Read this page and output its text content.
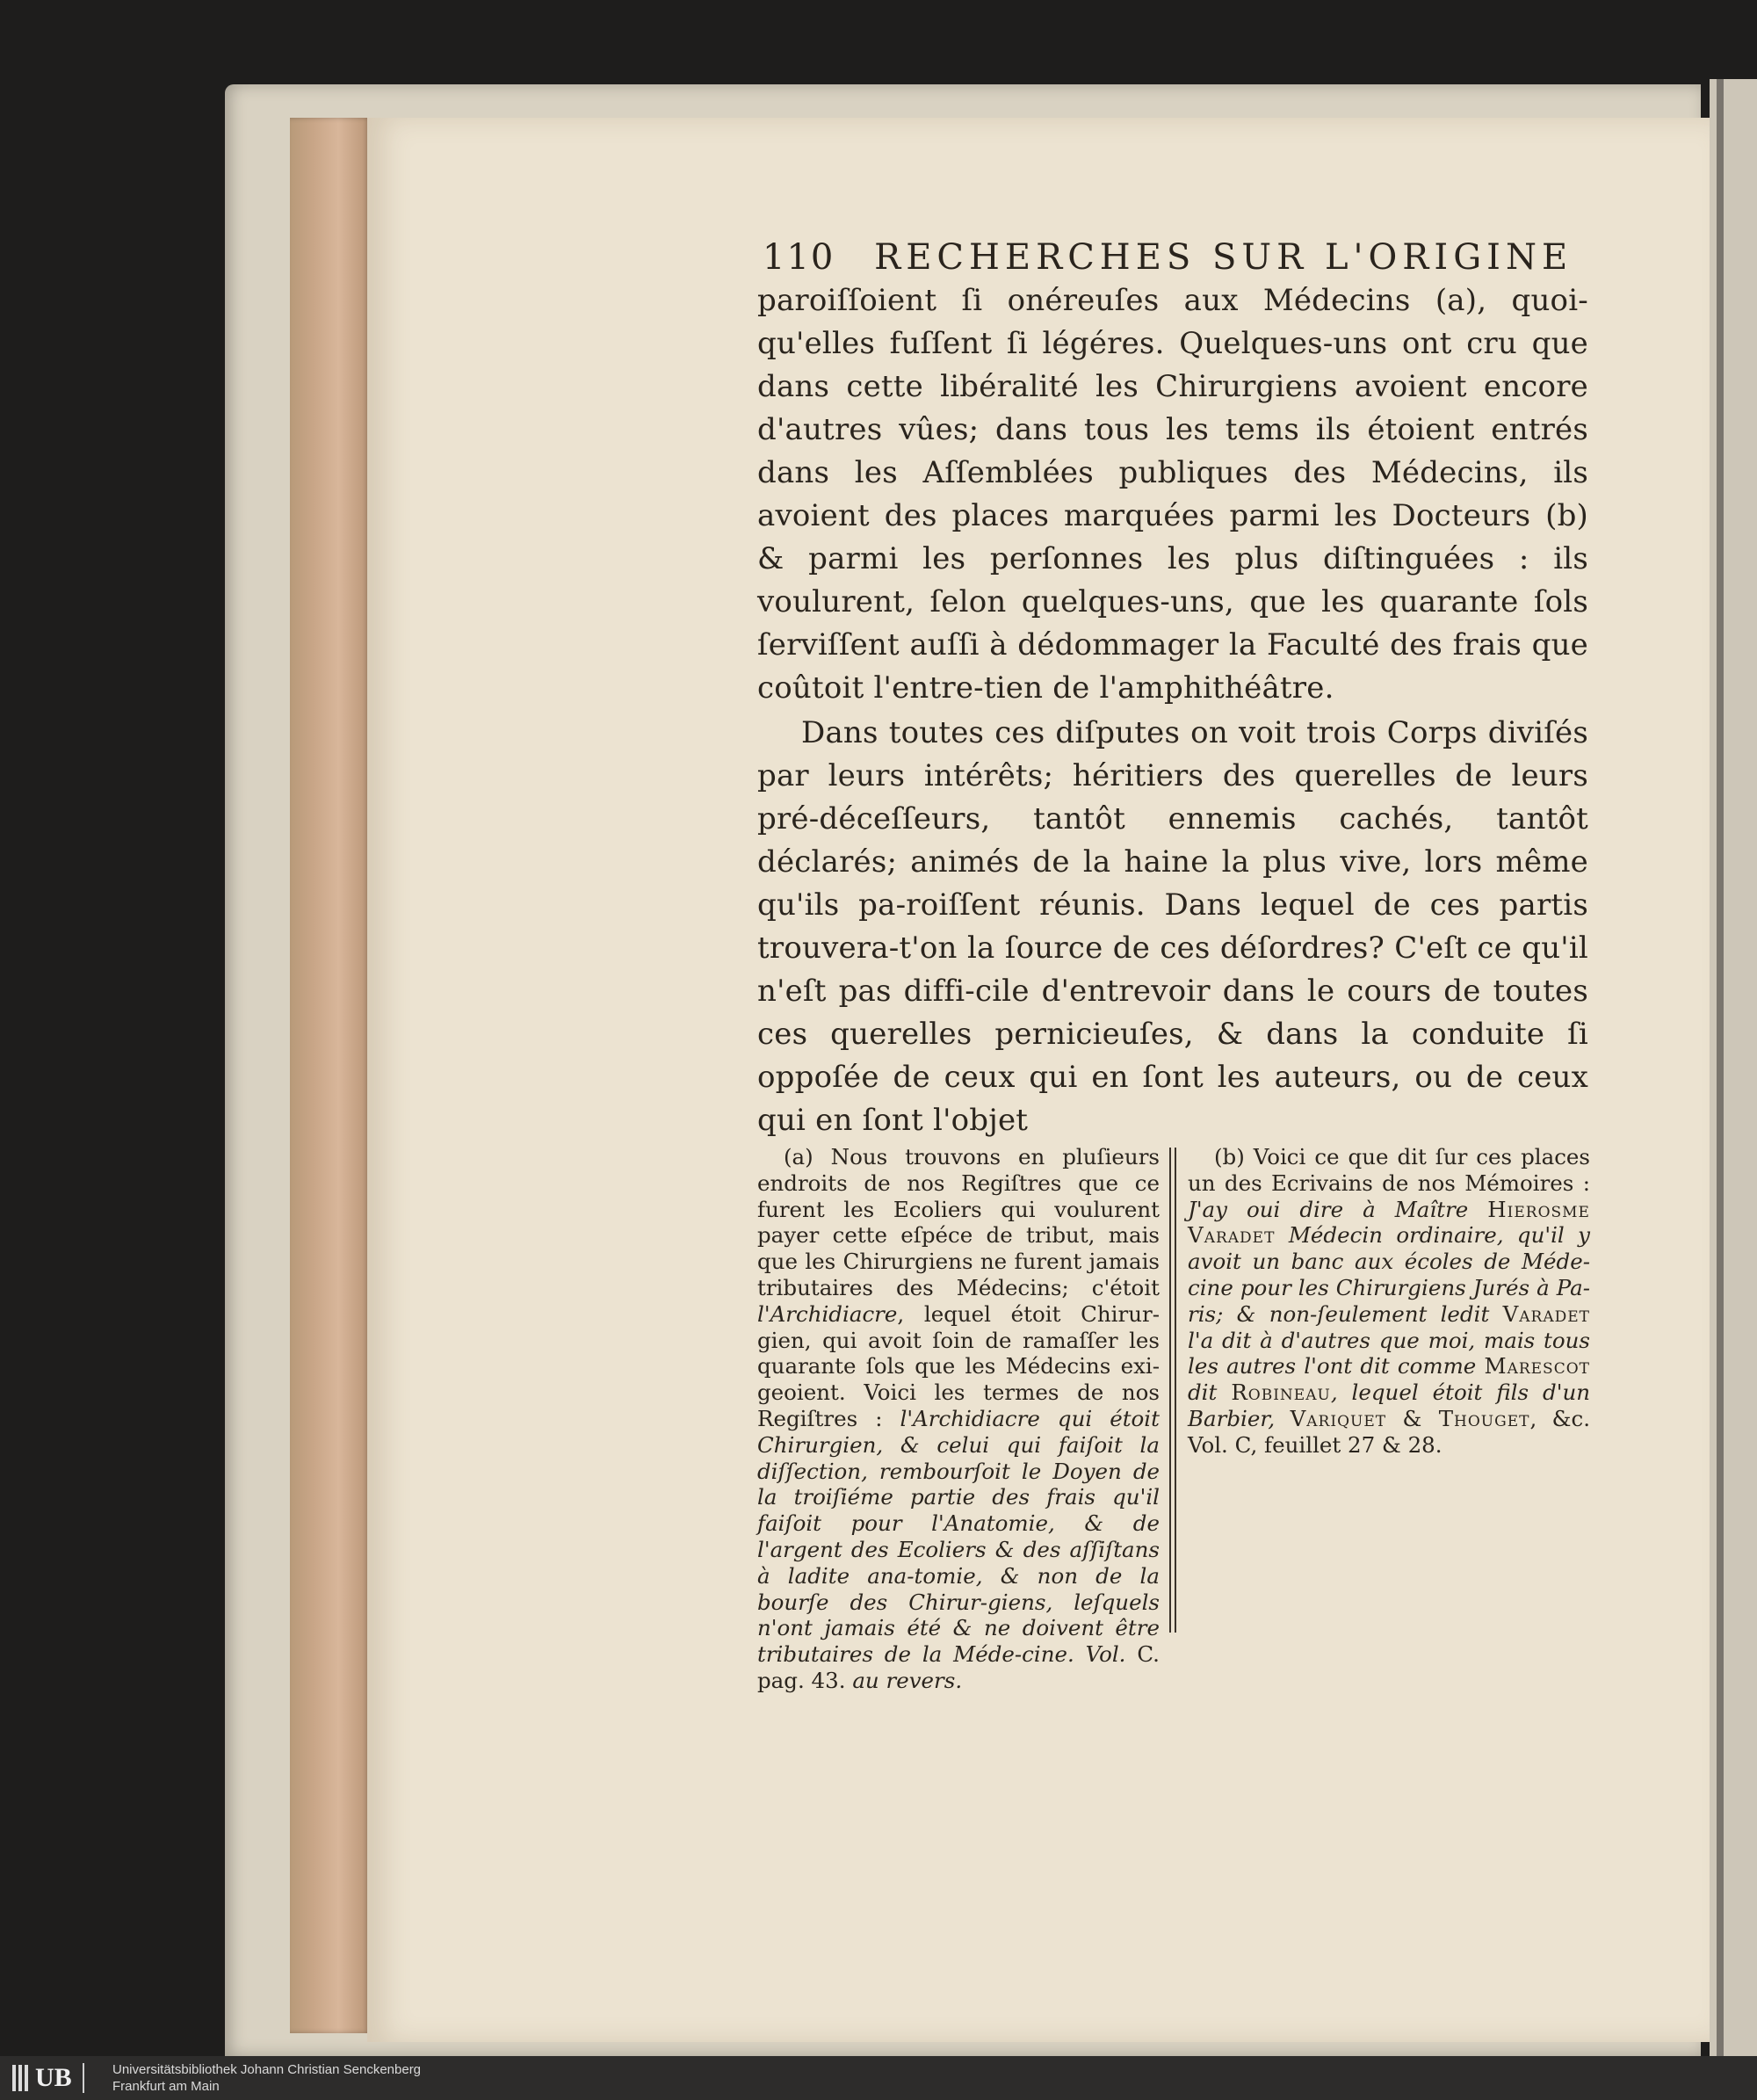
110 RECHERCHES SUR L'ORIGINE

paroiſſoient ſi onéreuſes aux Médecins (a), quoi-qu'elles fuſſent ſi légéres. Quelques-uns ont cru que dans cette libéralité les Chirurgiens avoient encore d'autres vûes; dans tous les tems ils étoient entrés dans les Aſſemblées publiques des Médecins, ils avoient des places marquées parmi les Docteurs (b) & parmi les perſonnes les plus diſtinguées : ils voulurent, ſelon quelques-uns, que les quarante ſols ſerviſſent auſſi à dédommager la Faculté des frais que coûtoit l'entre-tien de l'amphithéâtre.

Dans toutes ces diſputes on voit trois Corps diviſés par leurs intérêts; héritiers des querelles de leurs pré-déceſſeurs, tantôt ennemis cachés, tantôt déclarés; animés de la haine la plus vive, lors même qu'ils pa-roiſſent réunis. Dans lequel de ces partis trouvera-t'on la ſource de ces déſordres? C'eſt ce qu'il n'eſt pas diffi-cile d'entrevoir dans le cours de toutes ces querelles pernicieuſes, & dans la conduite ſi oppoſée de ceux qui en ſont les auteurs, ou de ceux qui en ſont l'objet

(a) Nous trouvons en pluſieurs endroits de nos Regiſtres que ce furent les Ecoliers qui voulurent payer cette eſpéce de tribut, mais que les Chirurgiens ne furent jamais tributaires des Médecins; c'étoit l'Archidiacre, lequel étoit Chirur-gien, qui avoit ſoin de ramaſſer les quarante ſols que les Médecins exi-geoient. Voici les termes de nos Regiſtres : l'Archidiacre qui étoit Chirurgien, & celui qui faiſoit la diſſection, rembourſoit le Doyen de la troiſiéme partie des frais qu'il faiſoit pour l'Anatomie, & de l'argent des Ecoliers & des aſſiſtans à ladite ana-tomie, & non de la bourſe des Chirur-giens, leſquels n'ont jamais été & ne doivent être tributaires de la Méde-cine. Vol. C. pag. 43. au revers.

(b) Voici ce que dit ſur ces places un des Ecrivains de nos Mémoires : J'ay oui dire à Maître Hierosme Varadet Médecin ordinaire, qu'il y avoit un banc aux écoles de Méde-cine pour les Chirurgiens Jurés à Pa-ris; & non-ſeulement ledit Varadet l'a dit à d'autres que moi, mais tous les autres l'ont dit comme Marescot dit Robineau, lequel étoit fils d'un Barbier, Variquet & Thouget, &c. Vol. C, feuillet 27 & 28.

UB	Universitätsbibliothek Johann Christian Senckenberg
Frankfurt am Main
